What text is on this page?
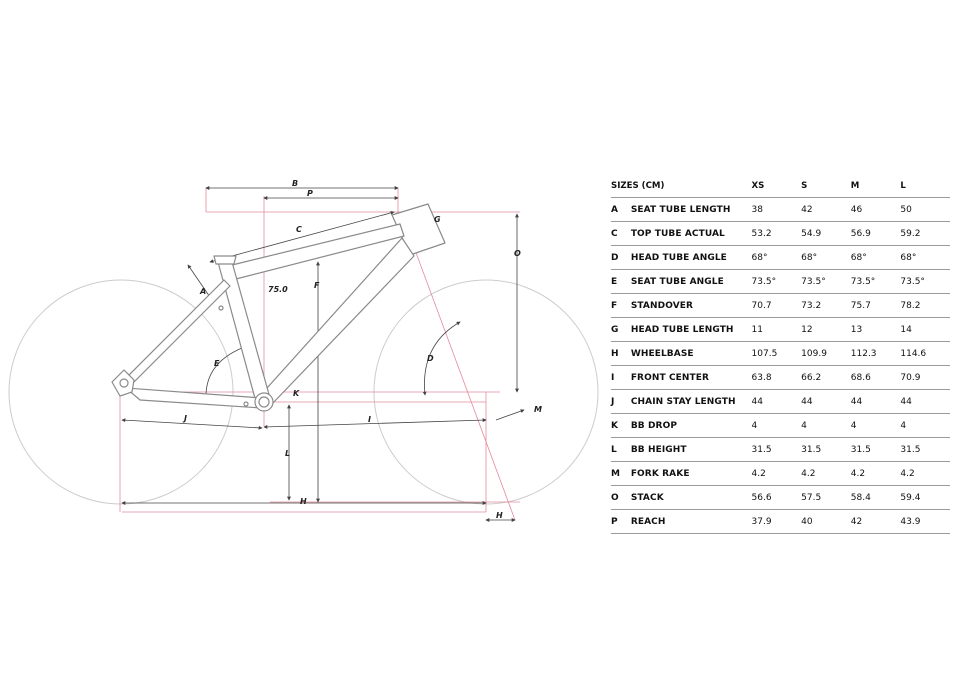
B
P
C
G
O
A	75.0	F
E
D
K
M
J	I
L
H
H
SIZES (CM)		XS	S	M	L
A	SEAT TUBE LENGTH	38	42	46	50
C	TOP TUBE ACTUAL	53.2	54.9	56.9	59.2
D	HEAD TUBE ANGLE	68°	68°	68°	68°
E	SEAT TUBE ANGLE	73.5°	73.5°	73.5°	73.5°
F	STANDOVER	70.7	73.2	75.7	78.2
G	HEAD TUBE LENGTH	11	12	13	14
H	WHEELBASE	107.5	109.9	112.3	114.6
I	FRONT CENTER	63.8	66.2	68.6	70.9
J	CHAIN STAY LENGTH	44	44	44	44
K	BB DROP	4	4	4	4
L	BB HEIGHT	31.5	31.5	31.5	31.5
M	FORK RAKE	4.2	4.2	4.2	4.2
O	STACK	56.6	57.5	58.4	59.4
P	REACH	37.9	40	42	43.9
